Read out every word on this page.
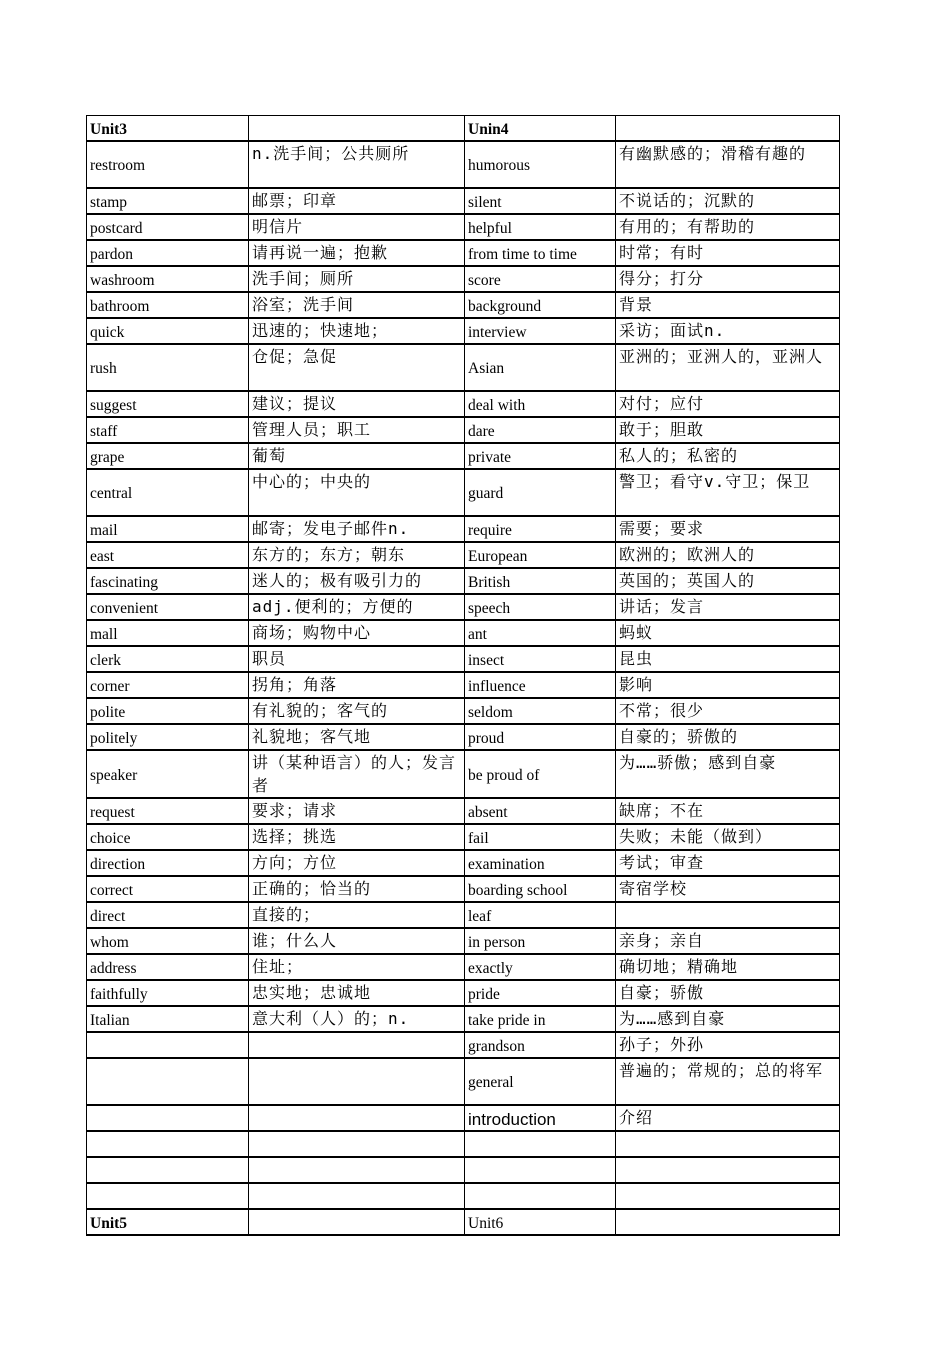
Unit3		Unin4	
restroom	n.洗手间；公共厕所	humorous	有幽默感的；滑稽有趣的
stamp	邮票；印章	silent	不说话的；沉默的
postcard	明信片	helpful	有用的；有帮助的
pardon	请再说一遍；抱歉	from time to time	时常；有时
washroom	洗手间；厕所	score	得分；打分
bathroom	浴室；洗手间	background	背景
quick	迅速的；快速地；	interview	采访；面试n.
rush	仓促；急促	Asian	亚洲的；亚洲人的，亚洲人
suggest	建议；提议	deal with	对付；应付
staff	管理人员；职工	dare	敢于；胆敢
grape	葡萄	private	私人的；私密的
central	中心的；中央的	guard	警卫；看守v.守卫；保卫
mail	邮寄；发电子邮件n.	require	需要；要求
east	东方的；东方；朝东	European	欧洲的；欧洲人的
fascinating	迷人的；极有吸引力的	British	英国的；英国人的
convenient	adj.便利的；方便的	speech	讲话；发言
mall	商场；购物中心	ant	蚂蚁
clerk	职员	insect	昆虫
corner	拐角；角落	influence	影响
polite	有礼貌的；客气的	seldom	不常；很少
politely	礼貌地；客气地	proud	自豪的；骄傲的
speaker	讲（某种语言）的人；发言者	be proud of	为……骄傲；感到自豪
request	要求；请求	absent	缺席；不在
choice	选择；挑选	fail	失败；未能（做到）
direction	方向；方位	examination	考试；审查
correct	正确的；恰当的	boarding school	寄宿学校
direct	直接的；	leaf	
whom	谁；什么人	in person	亲身；亲自
address	住址；	exactly	确切地；精确地
faithfully	忠实地；忠诚地	pride	自豪；骄傲
Italian	意大利（人）的；n.	take pride in	为……感到自豪
		grandson	孙子；外孙
		general	普遍的；常规的；总的将军
		introduction	介绍

Unit5		Unit6	
